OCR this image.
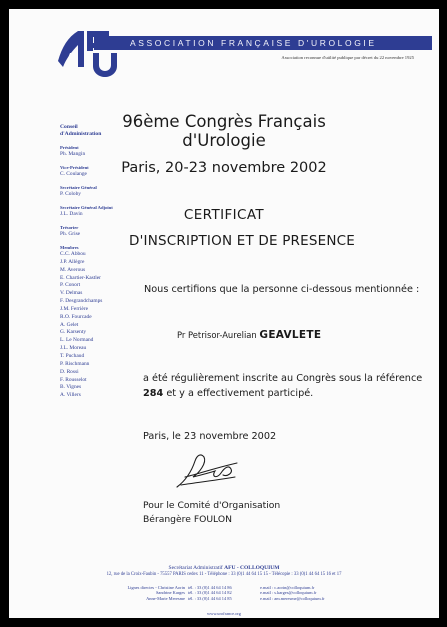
ASSOCIATION FRANÇAISE D'UROLOGIE
Association reconnue d'utilité publique par décret du 22 novembre 1925
Conseil
d'Administration
Président
Ph. Mangin
Vice-Président
C. Coulange
Secrétaire Général
P. Coloby
Secrétaire Général Adjoint
J.L. Davin
Trésorier
Ph. Grise
Membres
C.C. Abbou
J.P. Allègre
M. Averous
E. Chartier-Kastler
P. Conort
V. Delmas
F. Desgrandchamps
J.M. Ferrière
R.O. Fourcade
A. Gelet
G. Karsenty
L. Le Normand
J.L. Moreau
T. Puchaud
P. Rischmann
D. Rossi
F. Rousselot
B. Vignes
A. Villers
96ème Congrès Français
d'Urologie
Paris, 20-23 novembre 2002
CERTIFICAT
D'INSCRIPTION ET DE PRESENCE
Nous certifions que la personne ci-dessous mentionnée :
Pr Petrisor-Aurelian GEAVLETE
a été régulièrement inscrite au Congrès sous la référence
284 et y a effectivement participé.
Paris, le 23 novembre 2002
Pour le Comité d'Organisation
Bérangère FOULON
Secrétariat Administratif AFU - COLLOQUIUM
12, rue de la Croix-Faubin - 75557 PARIS cedex 11 - Téléphone : 33 (0)1 44 64 15 15 - Télécopie : 33 (0)1 44 64 15 16 et 17
Lignes directes - Christine Aorin tél. : 33 (0)1 44 64 14 86	e.mail : c.aorin@colloquium.fr
Sandrine Karges tél. : 33 (0)1 44 64 14 82	e.mail : s.karges@colloquium.fr
Anne-Marie Meresme tél. : 33 (0)1 44 64 14 85	e.mail : am.meresme@colloquium.fr
www.urofrance.org
